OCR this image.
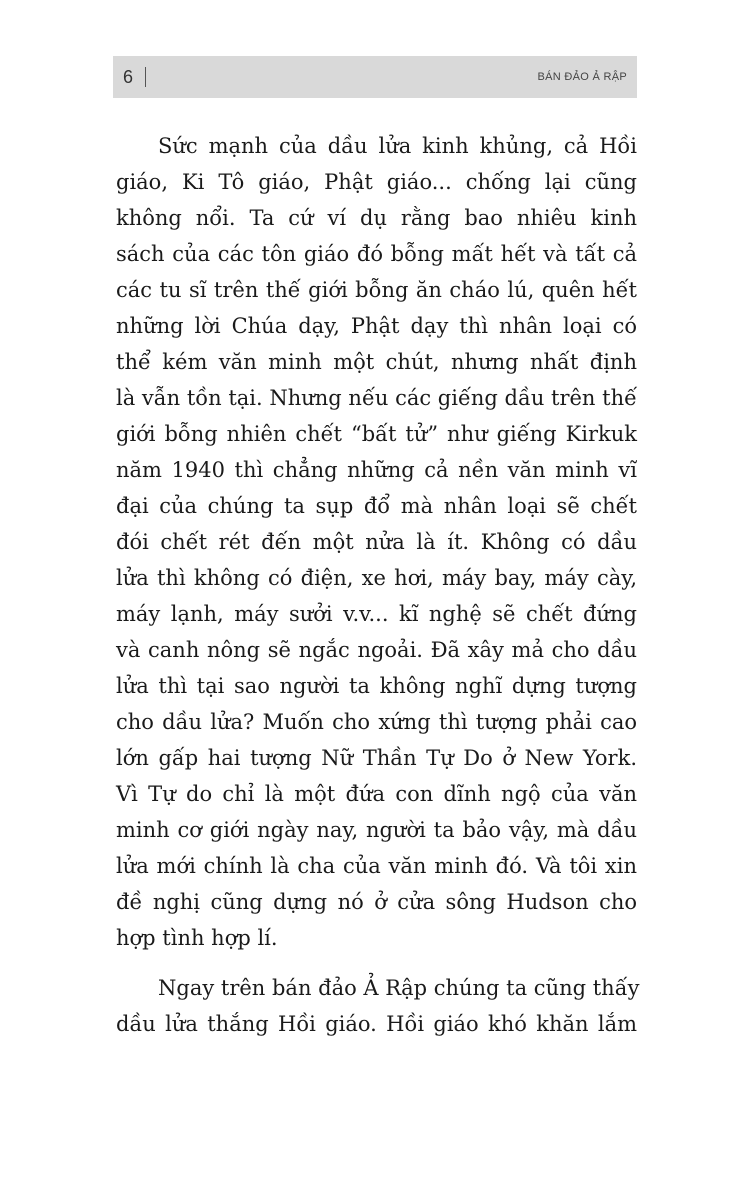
6	BÁN ĐẢO Ả RẬP
Sức mạnh của dầu lửa kinh khủng, cả Hồi
giáo, Ki Tô giáo, Phật giáo... chống lại cũng
không nổi. Ta cứ ví dụ rằng bao nhiêu kinh
sách của các tôn giáo đó bỗng mất hết và tất cả
các tu sĩ trên thế giới bỗng ăn cháo lú, quên hết
những lời Chúa dạy, Phật dạy thì nhân loại có
thể kém văn minh một chút, nhưng nhất định
là vẫn tồn tại. Nhưng nếu các giếng dầu trên thế
giới bỗng nhiên chết “bất tử” như giếng Kirkuk
năm 1940 thì chẳng những cả nền văn minh vĩ
đại của chúng ta sụp đổ mà nhân loại sẽ chết
đói chết rét đến một nửa là ít. Không có dầu
lửa thì không có điện, xe hơi, máy bay, máy cày,
máy lạnh, máy sưởi v.v... kĩ nghệ sẽ chết đứng
và canh nông sẽ ngắc ngoải. Đã xây mả cho dầu
lửa thì tại sao người ta không nghĩ dựng tượng
cho dầu lửa? Muốn cho xứng thì tượng phải cao
lớn gấp hai tượng Nữ Thần Tự Do ở New York.
Vì Tự do chỉ là một đứa con dĩnh ngộ của văn
minh cơ giới ngày nay, người ta bảo vậy, mà dầu
lửa mới chính là cha của văn minh đó. Và tôi xin
đề nghị cũng dựng nó ở cửa sông Hudson cho
hợp tình hợp lí.
Ngay trên bán đảo Ả Rập chúng ta cũng thấy
dầu lửa thắng Hồi giáo. Hồi giáo khó khăn lắm
